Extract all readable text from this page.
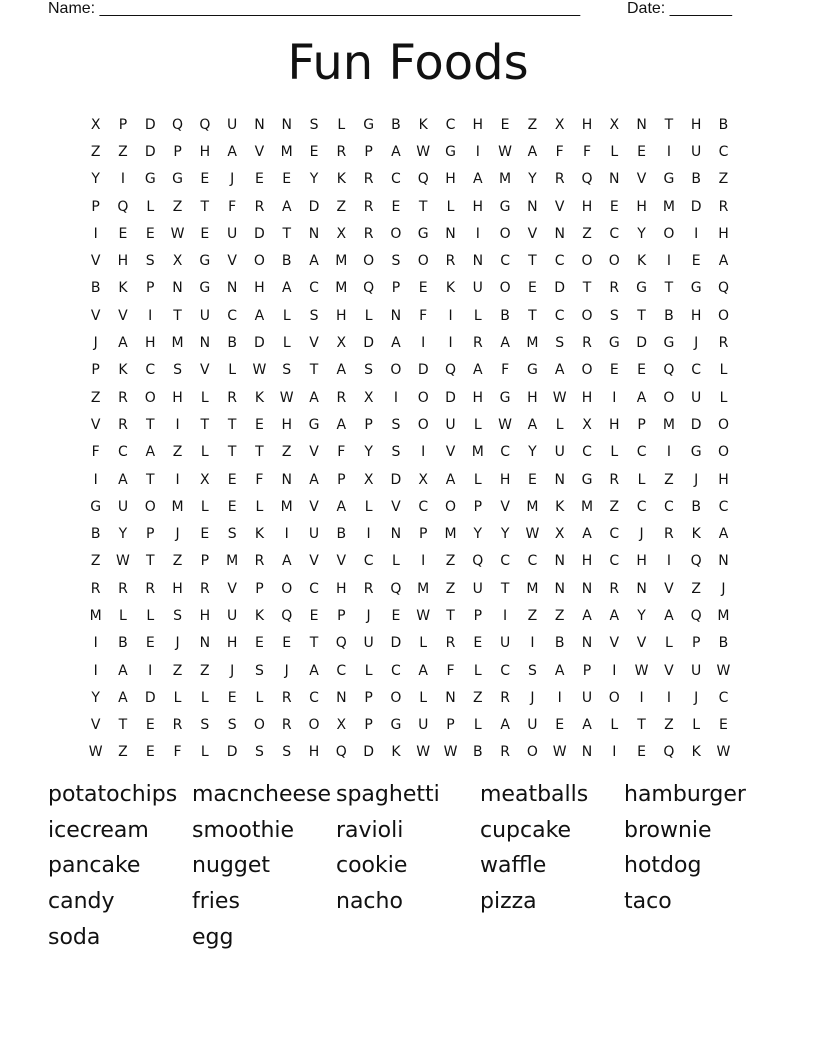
Name: ______________________________________________________	Date: _______
Fun Foods
X	P	D	Q	Q	U	N	N	S	L	G	B	K	C	H	E	Z	X	H	X	N	T	H	B
Z	Z	D	P	H	A	V	M	E	R	P	A	W	G	I	W	A	F	F	L	E	I	U	C
Y	I	G	G	E	J	E	E	Y	K	R	C	Q	H	A	M	Y	R	Q	N	V	G	B	Z
P	Q	L	Z	T	F	R	A	D	Z	R	E	T	L	H	G	N	V	H	E	H	M	D	R
I	E	E	W	E	U	D	T	N	X	R	O	G	N	I	O	V	N	Z	C	Y	O	I	H
V	H	S	X	G	V	O	B	A	M	O	S	O	R	N	C	T	C	O	O	K	I	E	A
B	K	P	N	G	N	H	A	C	M	Q	P	E	K	U	O	E	D	T	R	G	T	G	Q
V	V	I	T	U	C	A	L	S	H	L	N	F	I	L	B	T	C	O	S	T	B	H	O
J	A	H	M	N	B	D	L	V	X	D	A	I	I	R	A	M	S	R	G	D	G	J	R
P	K	C	S	V	L	W	S	T	A	S	O	D	Q	A	F	G	A	O	E	E	Q	C	L
Z	R	O	H	L	R	K	W	A	R	X	I	O	D	H	G	H	W	H	I	A	O	U	L
V	R	T	I	T	T	E	H	G	A	P	S	O	U	L	W	A	L	X	H	P	M	D	O
F	C	A	Z	L	T	T	Z	V	F	Y	S	I	V	M	C	Y	U	C	L	C	I	G	O
I	A	T	I	X	E	F	N	A	P	X	D	X	A	L	H	E	N	G	R	L	Z	J	H
G	U	O	M	L	E	L	M	V	A	L	V	C	O	P	V	M	K	M	Z	C	C	B	C
B	Y	P	J	E	S	K	I	U	B	I	N	P	M	Y	Y	W	X	A	C	J	R	K	A
Z	W	T	Z	P	M	R	A	V	V	C	L	I	Z	Q	C	C	N	H	C	H	I	Q	N
R	R	R	H	R	V	P	O	C	H	R	Q	M	Z	U	T	M	N	N	R	N	V	Z	J
M	L	L	S	H	U	K	Q	E	P	J	E	W	T	P	I	Z	Z	A	A	Y	A	Q	M
I	B	E	J	N	H	E	E	T	Q	U	D	L	R	E	U	I	B	N	V	V	L	P	B
I	A	I	Z	Z	J	S	J	A	C	L	C	A	F	L	C	S	A	P	I	W	V	U	W
Y	A	D	L	L	E	L	R	C	N	P	O	L	N	Z	R	J	I	U	O	I	I	J	C
V	T	E	R	S	S	O	R	O	X	P	G	U	P	L	A	U	E	A	L	T	Z	L	E
W	Z	E	F	L	D	S	S	H	Q	D	K	W W	B	R	O	W	N	I	E	Q	K	W
potatochips macncheese spaghetti	meatballs	hamburger
icecream	smoothie	ravioli	cupcake	brownie
pancake	nugget	cookie	waffle	hotdog
candy	fries	nacho	pizza	taco
soda	egg
